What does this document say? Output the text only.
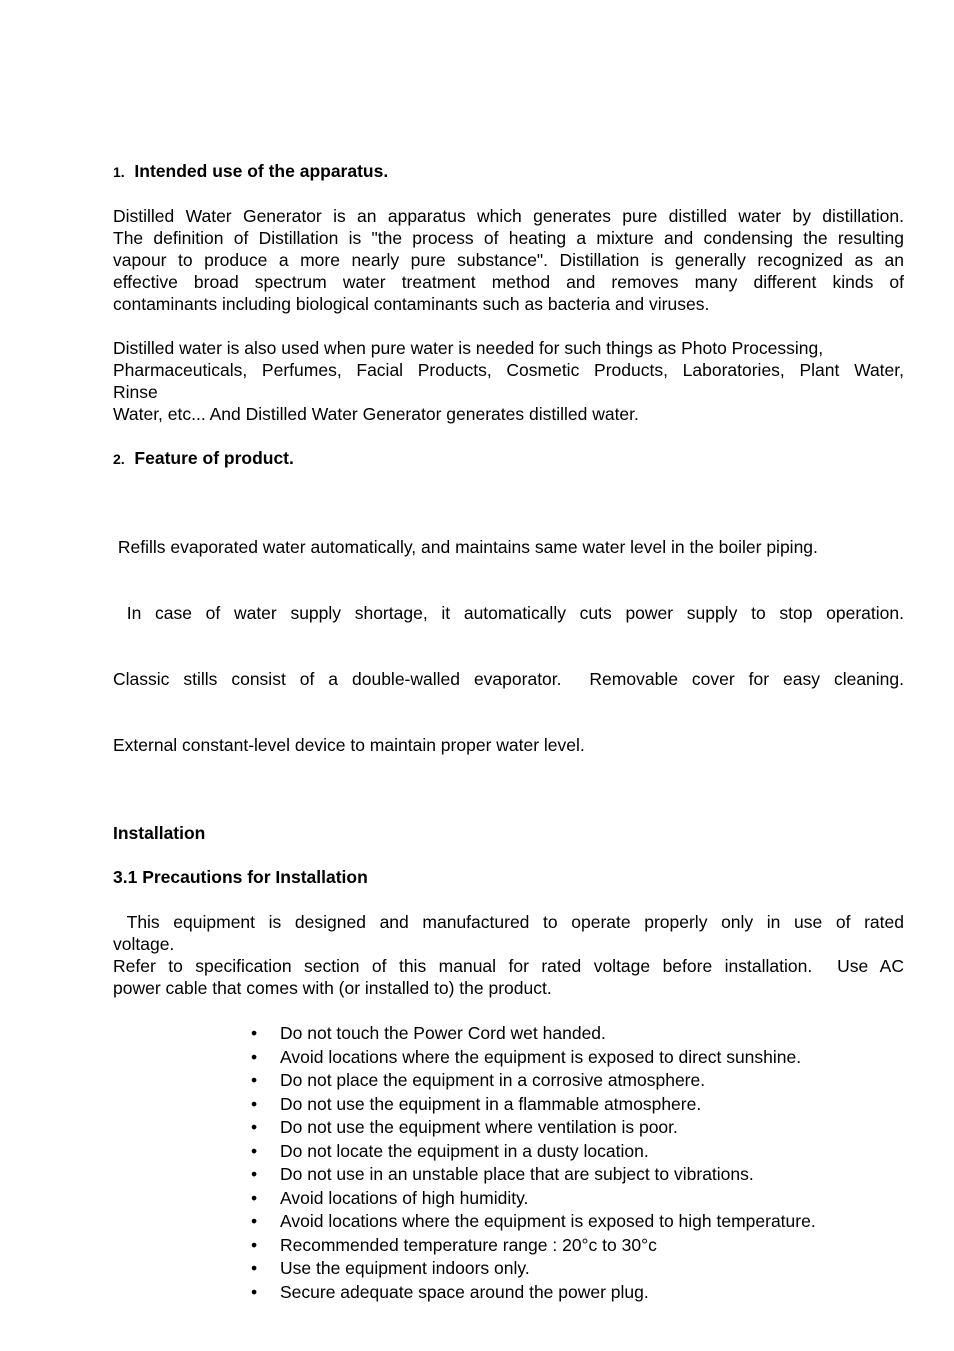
1. Intended use of the apparatus.

Distilled Water Generator is an apparatus which generates pure distilled water by distillation.
The definition of Distillation is "the process of heating a mixture and condensing the resulting
vapour to produce a more nearly pure substance". Distillation is generally recognized as an
effective broad spectrum water treatment method and removes many different kinds of
contaminants including biological contaminants such as bacteria and viruses.

Distilled water is also used when pure water is needed for such things as Photo Processing,
Pharmaceuticals, Perfumes, Facial Products, Cosmetic Products, Laboratories, Plant Water,
Rinse
Water, etc... And Distilled Water Generator generates distilled water.

2. Feature of product.

Refills evaporated water automatically, and maintains same water level in the boiler piping.

In case of water supply shortage, it automatically cuts power supply to stop operation.

Classic stills consist of a double-walled evaporator.  Removable cover for easy cleaning.

External constant-level device to maintain proper water level.

Installation

3.1 Precautions for Installation

This equipment is designed and manufactured to operate properly only in use of rated
voltage.
Refer to specification section of this manual for rated voltage before installation.  Use AC
power cable that comes with (or installed to) the product.

• Do not touch the Power Cord wet handed.
• Avoid locations where the equipment is exposed to direct sunshine.
• Do not place the equipment in a corrosive atmosphere.
• Do not use the equipment in a flammable atmosphere.
• Do not use the equipment where ventilation is poor.
• Do not locate the equipment in a dusty location.
• Do not use in an unstable place that are subject to vibrations.
• Avoid locations of high humidity.
• Avoid locations where the equipment is exposed to high temperature.
• Recommended temperature range : 20°c to 30°c
• Use the equipment indoors only.
• Secure adequate space around the power plug.
